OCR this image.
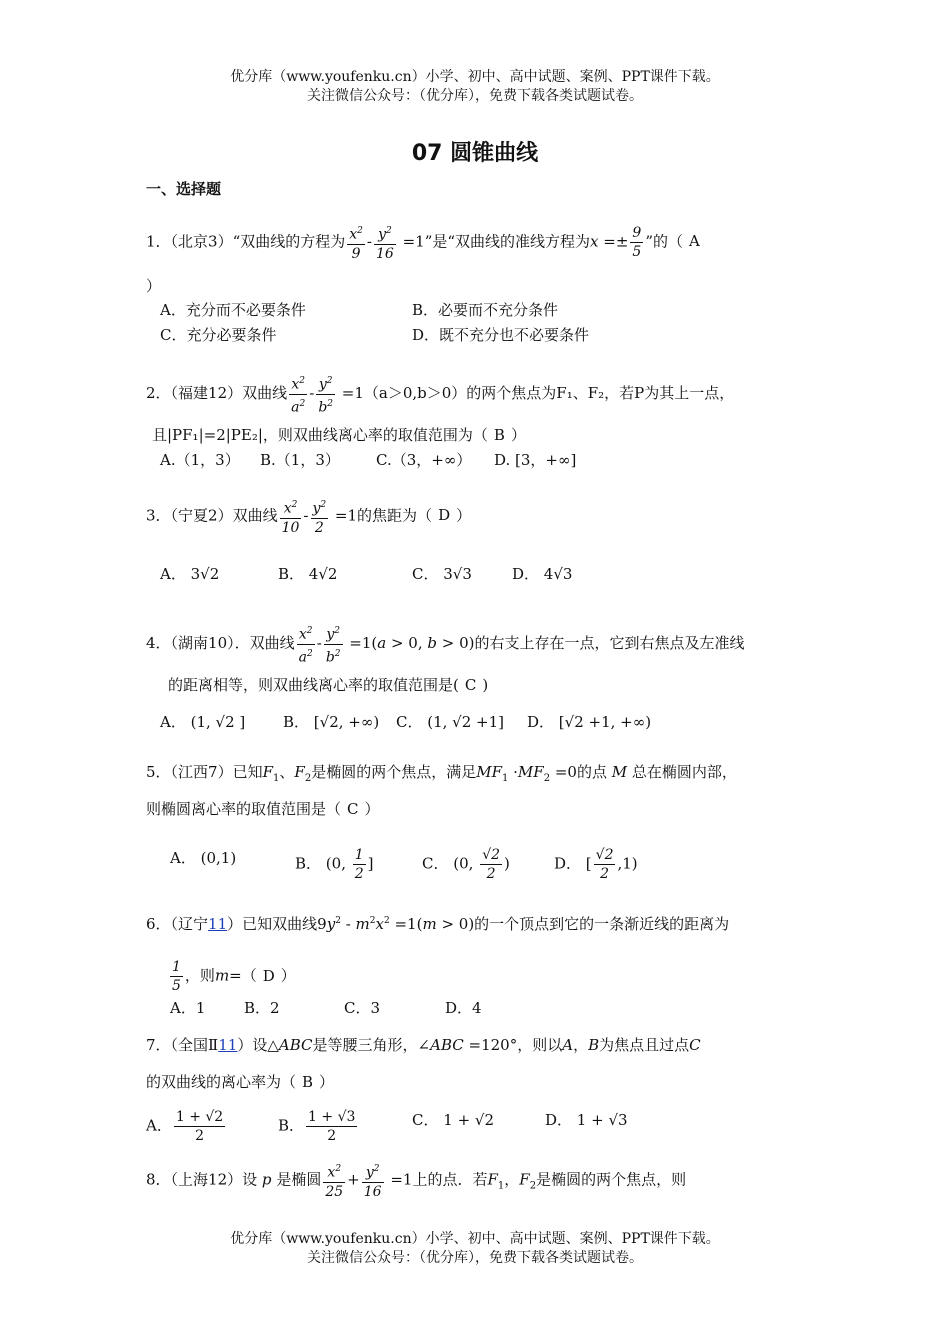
优分库（www.youfenku.cn）小学、初中、高中试题、案例、PPT课件下载。
关注微信公众号：（优分库），免费下载各类试题试卷。
07 圆锥曲线
一、选择题
1．（北京3）“双曲线的方程为 $\frac{x^2}{9} - \frac{y^2}{16} =1$”是“双曲线的准线方程为$x =\pm \frac{9}{5}$ ”的（ A
）
A．充分而不必要条件	B．必要而不充分条件
C．充分必要条件	D．既不充分也不必要条件
2．（福建12）双曲线 $\frac{x^2}{a^2} - \frac{y^2}{b^2} =1(a>0,b>0)$的两个焦点为F₁、F₂，若P为其上一点，
且|PF₁|=2|PE₂|，则双曲线离心率的取值范围为（ B ）
A.（1，3） B.（1，3） C.（3，+∞） D. [3，+∞]
3．（宁夏2）双曲线 $\frac{x^2}{10} - \frac{y^2}{2} =1$的焦距为（ D ）
A． 3√2	B． 4√2	C． 3√3	D． 4√3
4．（湖南10）．双曲线 $\frac{x^2}{a^2} - \frac{y^2}{b^2} =1(a > 0$, b > 0)的右支上存在一点，它到右焦点及左准线
的距离相等，则双曲线离心率的取值范围是( C )
A． (1, √2 ]	B． [√2, +∞) C． (1, √2 +1] D． [√2 +1, +∞)
5．（江西7）已知$F_1$、$F_2$是椭圆的两个焦点，满足$MF_1 \cdot MF_2 =0$的点 M 总在椭圆内部，
则椭圆离心率的取值范围是（ C ）
A． (0,1)	B． (0, $\frac{1}{2}$ ]	C． (0, $\frac{√2}{2}$ )	D． [ $\frac{√2}{2} ,1$)
6．（辽宁11）已知双曲线$9y^2 - m^2x^2 =1(m > 0)$的一个顶点到它的一条渐近线的距离为
$\frac{1}{5}$ ，则m=（ D ）
A．1	B．2	C．3	D．4
7．（全国Ⅱ11）设△ABC是等腰三角形，∠ABC =120°，则以A，B为焦点且过点C
的双曲线的离心率为（ B ）
A． $\frac{1 + √2}{2}$	B． $\frac{1 + √3}{2}$	C． 1 + √2	D． 1 + √3
8．（上海12）设 p 是椭圆 $\frac{x^2}{25} + \frac{y^2}{16} =1$上的点．若$F_1$，$F_2$是椭圆的两个焦点，则
优分库（www.youfenku.cn）小学、初中、高中试题、案例、PPT课件下载。
关注微信公众号：（优分库），免费下载各类试题试卷。
